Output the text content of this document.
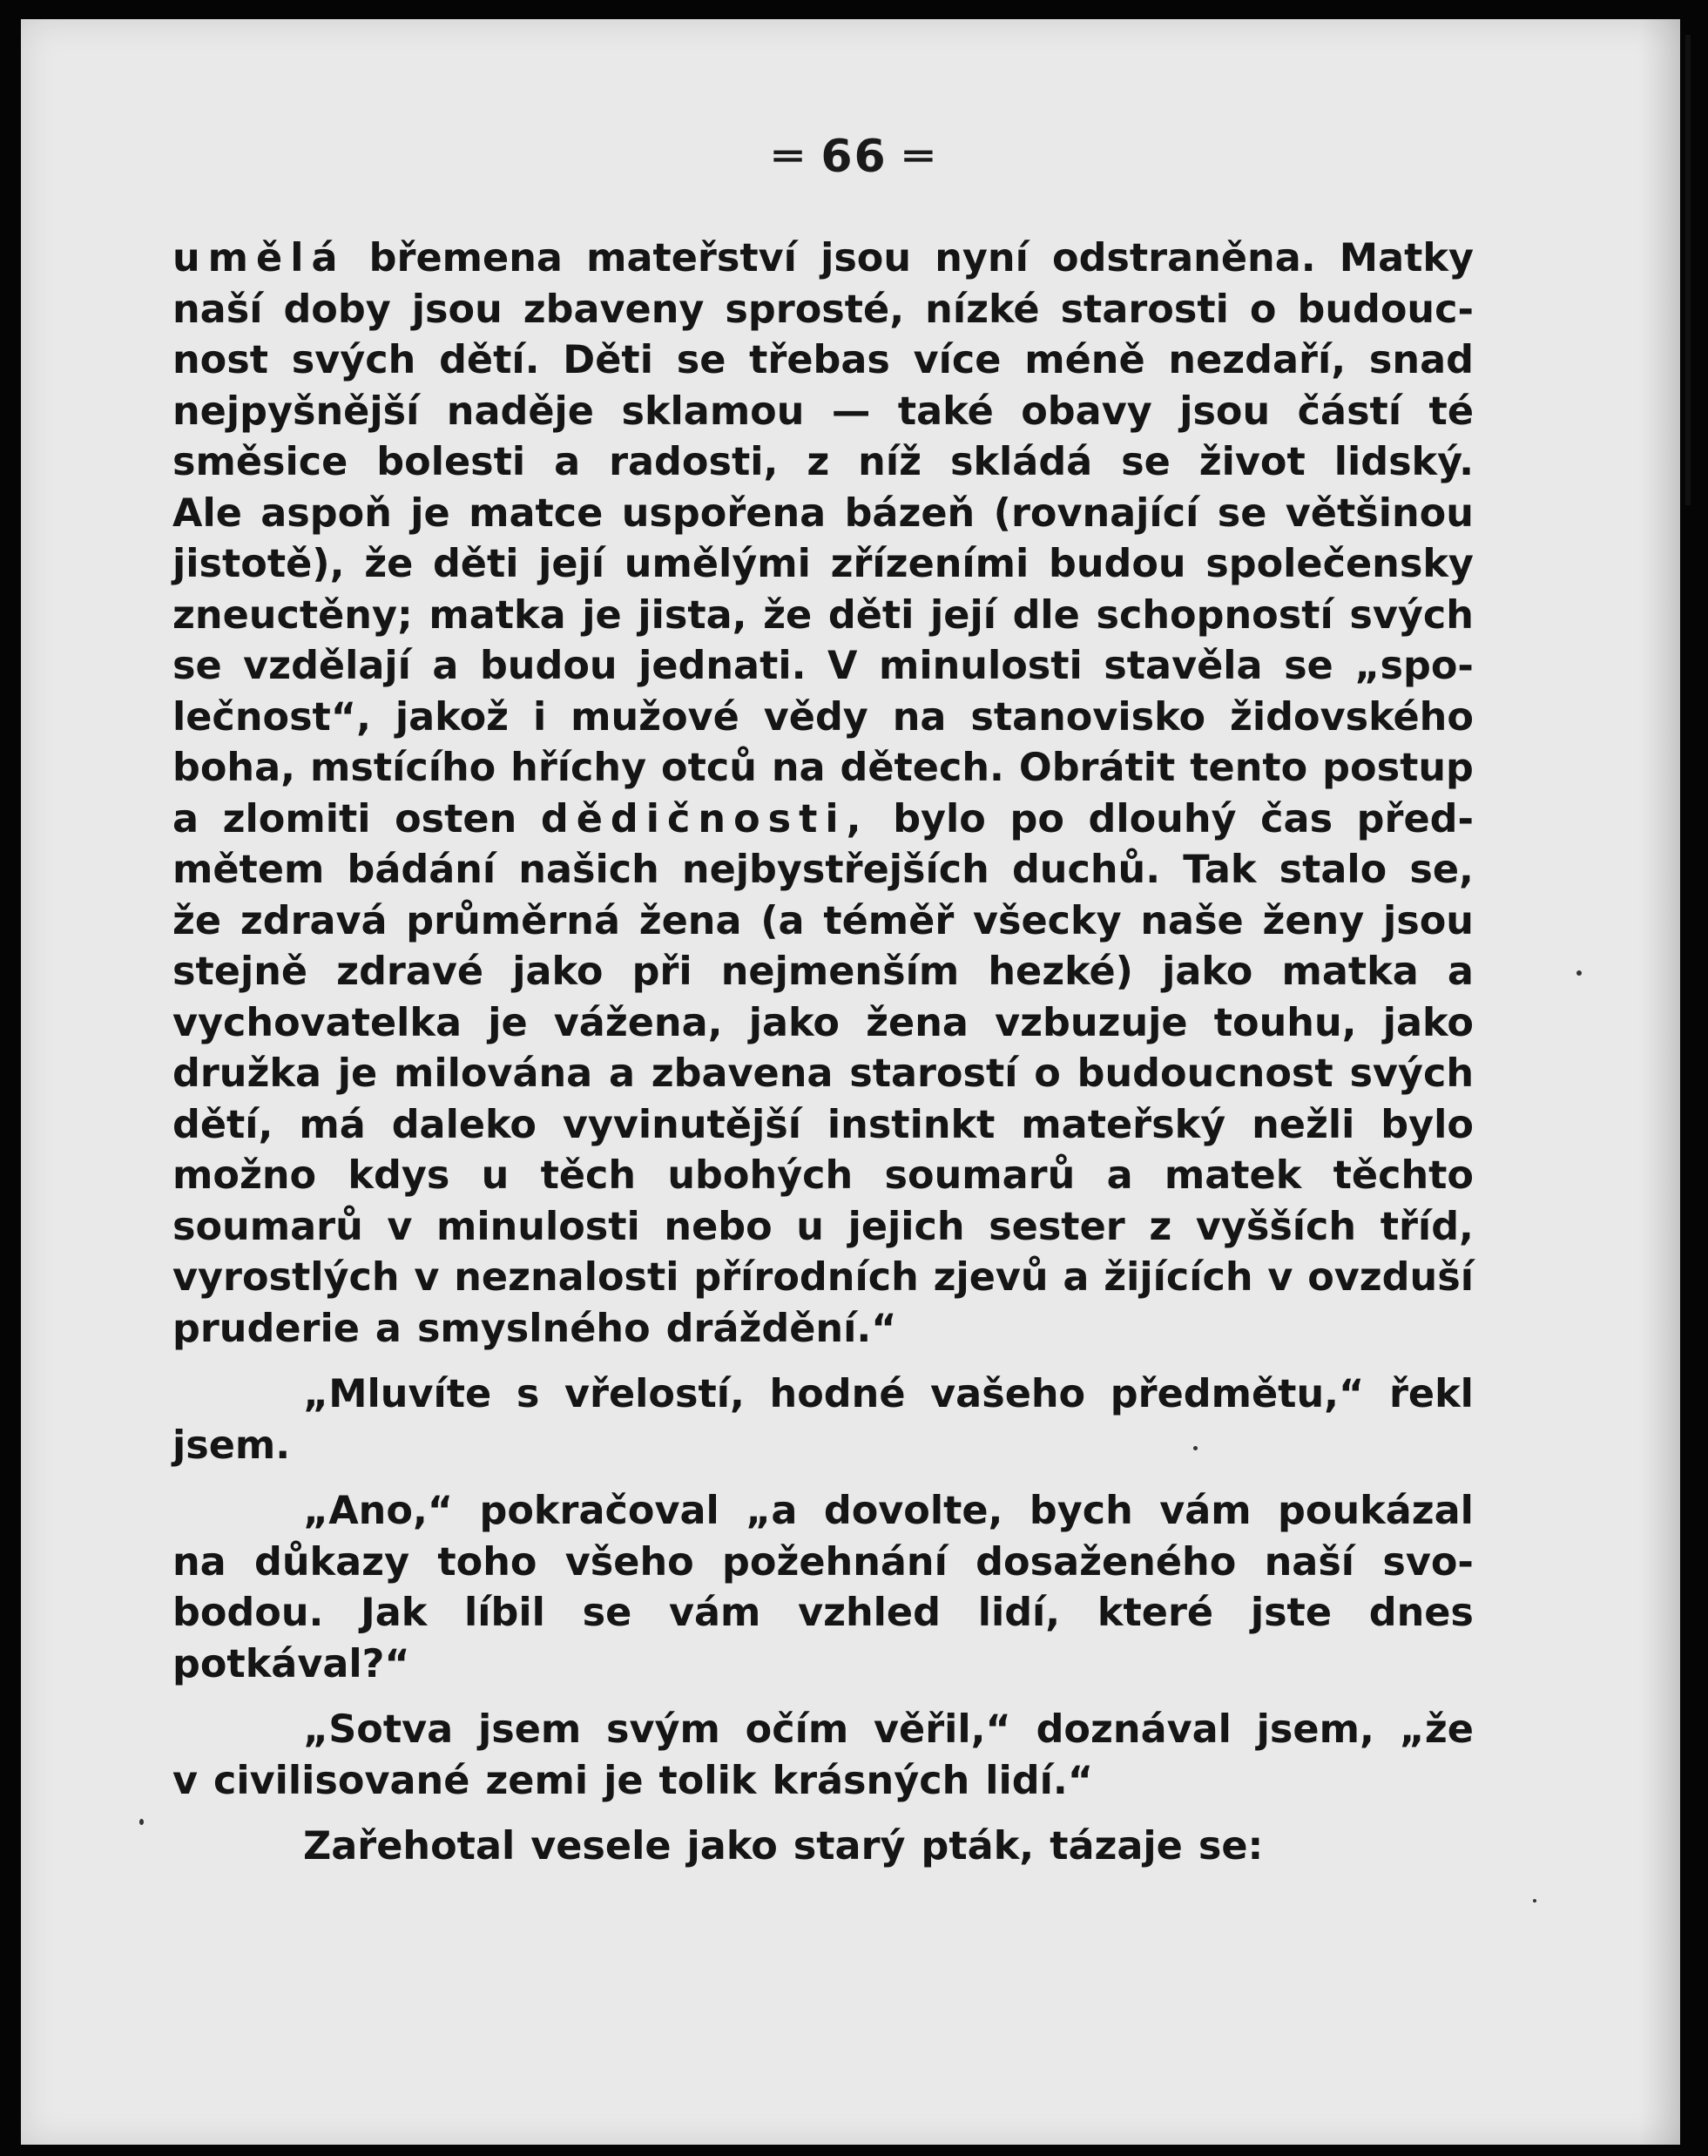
═ 66 ═
umělá břemena mateřství jsou nyní odstraněna. Matky
naší doby jsou zbaveny sprosté, nízké starosti o budouc-
nost svých dětí. Děti se třebas více méně nezdaří, snad
nejpyšnější naděje sklamou — také obavy jsou částí té
směsice bolesti a radosti, z níž skládá se život lidský.
Ale aspoň je matce uspořena bázeň (rovnající se většinou
jistotě), že děti její umělými zřízeními budou společensky
zneuctěny; matka je jista, že děti její dle schopností svých
se vzdělají a budou jednati. V minulosti stavěla se „spo-
lečnost“, jakož i mužové vědy na stanovisko židovského
boha, mstícího hříchy otců na dětech. Obrátit tento postup
a zlomiti osten dědičnosti, bylo po dlouhý čas před-
mětem bádání našich nejbystřejších duchů. Tak stalo se,
že zdravá průměrná žena (a téměř všecky naše ženy jsou
stejně zdravé jako při nejmenším hezké) jako matka a
vychovatelka je vážena, jako žena vzbuzuje touhu, jako
družka je milována a zbavena starostí o budoucnost svých
dětí, má daleko vyvinutější instinkt mateřský nežli bylo
možno kdys u těch ubohých soumarů a matek těchto
soumarů v minulosti nebo u jejich sester z vyšších tříd,
vyrostlých v neznalosti přírodních zjevů a žijících v ovzduší
pruderie a smyslného dráždění.“
„Mluvíte s vřelostí, hodné vašeho předmětu,“ řekl
jsem.
„Ano,“ pokračoval „a dovolte, bych vám poukázal
na důkazy toho všeho požehnání dosaženého naší svo-
bodou. Jak líbil se vám vzhled lidí, které jste dnes
potkával?“
„Sotva jsem svým očím věřil,“ doznával jsem, „že
v civilisované zemi je tolik krásných lidí.“
Zařehotal vesele jako starý pták, tázaje se:
